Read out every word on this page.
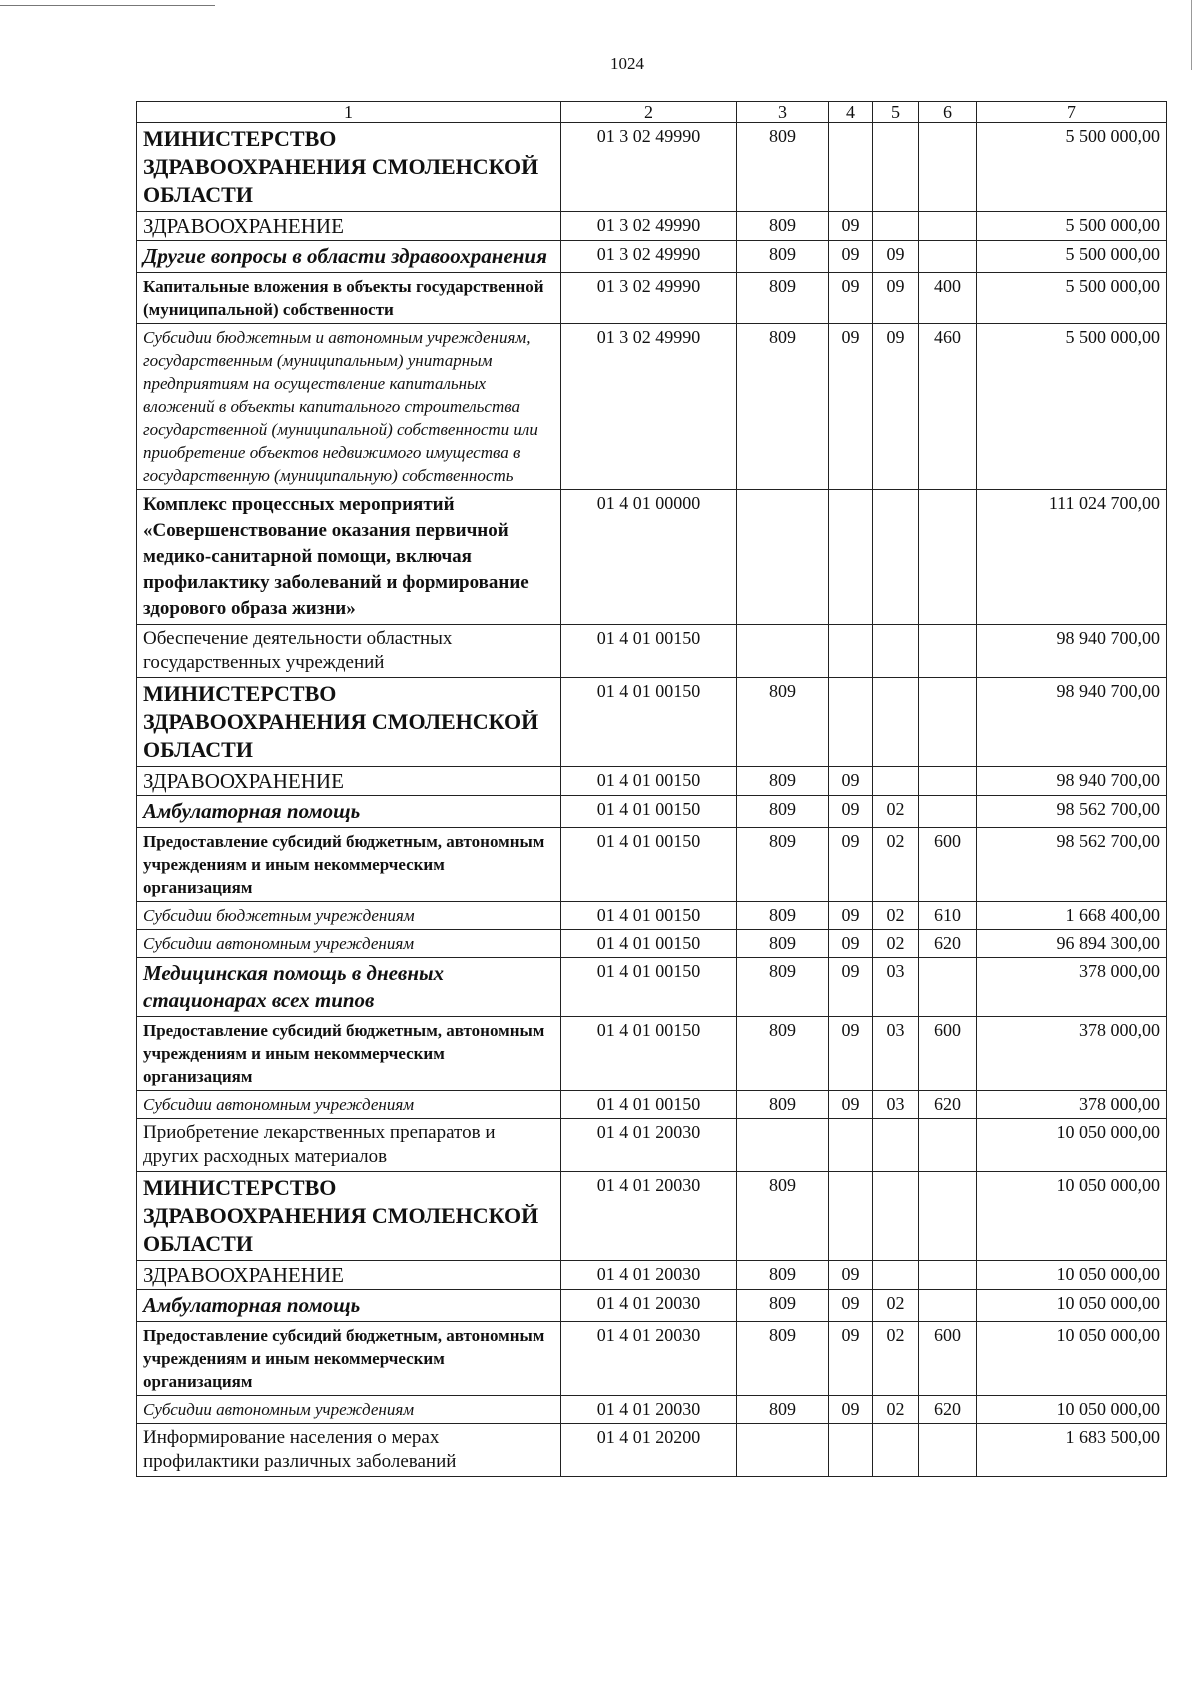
1024
1	2	3	4	5	6	7
МИНИСТЕРСТВО ЗДРАВООХРАНЕНИЯ СМОЛЕНСКОЙ ОБЛАСТИ	01 3 02 49990	809				5 500 000,00
ЗДРАВООХРАНЕНИЕ	01 3 02 49990	809	09			5 500 000,00
Другие вопросы в области здравоохранения	01 3 02 49990	809	09	09		5 500 000,00
Капитальные вложения в объекты государственной (муниципальной) собственности	01 3 02 49990	809	09	09	400	5 500 000,00
Субсидии бюджетным и автономным учреждениям, государственным (муниципальным) унитарным предприятиям на осуществление капитальных вложений в объекты капитального строительства государственной (муниципальной) собственности или приобретение объектов недвижимого имущества в государственную (муниципальную) собственность	01 3 02 49990	809	09	09	460	5 500 000,00
Комплекс процессных мероприятий «Совершенствование оказания первичной медико-санитарной помощи, включая профилактику заболеваний и формирование здорового образа жизни»	01 4 01 00000					111 024 700,00
Обеспечение деятельности областных государственных учреждений	01 4 01 00150					98 940 700,00
МИНИСТЕРСТВО ЗДРАВООХРАНЕНИЯ СМОЛЕНСКОЙ ОБЛАСТИ	01 4 01 00150	809				98 940 700,00
ЗДРАВООХРАНЕНИЕ	01 4 01 00150	809	09			98 940 700,00
Амбулаторная помощь	01 4 01 00150	809	09	02		98 562 700,00
Предоставление субсидий бюджетным, автономным учреждениям и иным некоммерческим организациям	01 4 01 00150	809	09	02	600	98 562 700,00
Субсидии бюджетным учреждениям	01 4 01 00150	809	09	02	610	1 668 400,00
Субсидии автономным учреждениям	01 4 01 00150	809	09	02	620	96 894 300,00
Медицинская помощь в дневных стационарах всех типов	01 4 01 00150	809	09	03		378 000,00
Предоставление субсидий бюджетным, автономным учреждениям и иным некоммерческим организациям	01 4 01 00150	809	09	03	600	378 000,00
Субсидии автономным учреждениям	01 4 01 00150	809	09	03	620	378 000,00
Приобретение лекарственных препаратов и других расходных материалов	01 4 01 20030					10 050 000,00
МИНИСТЕРСТВО ЗДРАВООХРАНЕНИЯ СМОЛЕНСКОЙ ОБЛАСТИ	01 4 01 20030	809				10 050 000,00
ЗДРАВООХРАНЕНИЕ	01 4 01 20030	809	09			10 050 000,00
Амбулаторная помощь	01 4 01 20030	809	09	02		10 050 000,00
Предоставление субсидий бюджетным, автономным учреждениям и иным некоммерческим организациям	01 4 01 20030	809	09	02	600	10 050 000,00
Субсидии автономным учреждениям	01 4 01 20030	809	09	02	620	10 050 000,00
Информирование населения о мерах профилактики различных заболеваний	01 4 01 20200					1 683 500,00
